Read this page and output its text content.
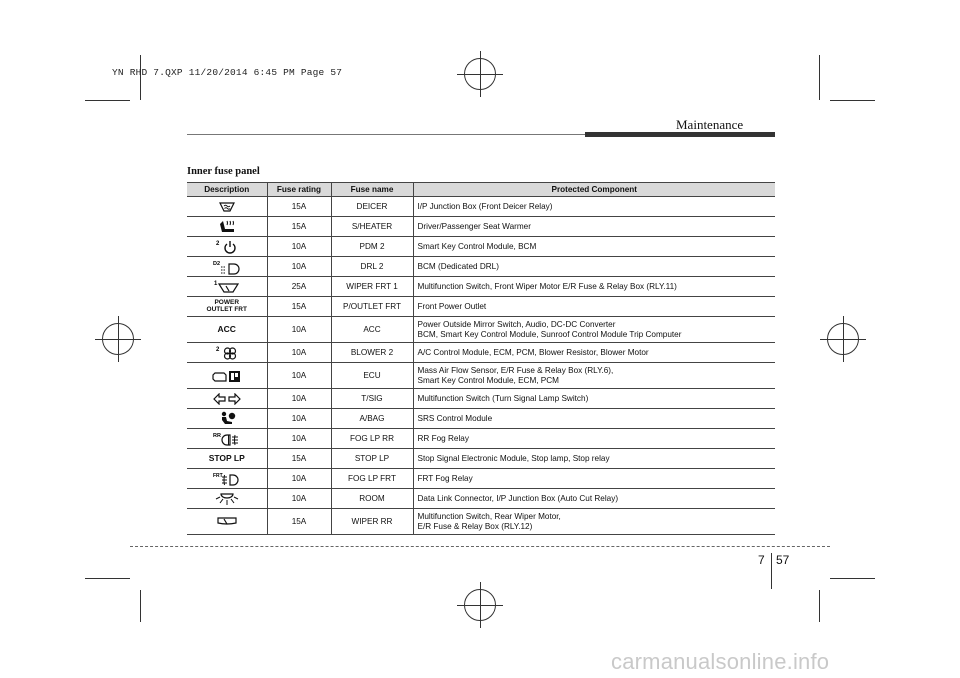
YN RHD 7.QXP 11/20/2014 6:45 PM Page 57
Maintenance
Inner fuse panel
Description	Fuse rating	Fuse name	Protected Component
	15A	DEICER	I/P Junction Box (Front Deicer Relay)
	15A	S/HEATER	Driver/Passenger Seat Warmer

2	10A	PDM 2	Smart Key Control Module, BCM

D2	10A	DRL 2	BCM (Dedicated DRL)

1	25A	WIPER FRT 1	Multifunction Switch, Front Wiper Motor E/R Fuse & Relay Box (RLY.11)
POWER
OUTLET FRT	15A	P/OUTLET FRT	Front Power Outlet
ACC	10A	ACC	Power Outside Mirror Switch, Audio, DC-DC Converter
BCM, Smart Key Control Module, Sunroof Control Module Trip Computer

2	10A	BLOWER 2	A/C Control Module, ECM, PCM, Blower Resistor, Blower Motor
	10A	ECU	Mass Air Flow Sensor, E/R Fuse & Relay Box (RLY.6),
Smart Key Control Module, ECM, PCM
	10A	T/SIG	Multifunction Switch (Turn Signal Lamp Switch)
	10A	A/BAG	SRS Control Module

RR	10A	FOG LP RR	RR Fog Relay
STOP LP	15A	STOP LP	Stop Signal Electronic Module, Stop lamp, Stop relay

FRT	10A	FOG LP FRT	FRT Fog Relay
	10A	ROOM	Data Link Connector, I/P Junction Box (Auto Cut Relay)
	15A	WIPER RR	Multifunction Switch, Rear Wiper Motor,
E/R Fuse & Relay Box (RLY.12)
7 57
carmanualsonline.info
